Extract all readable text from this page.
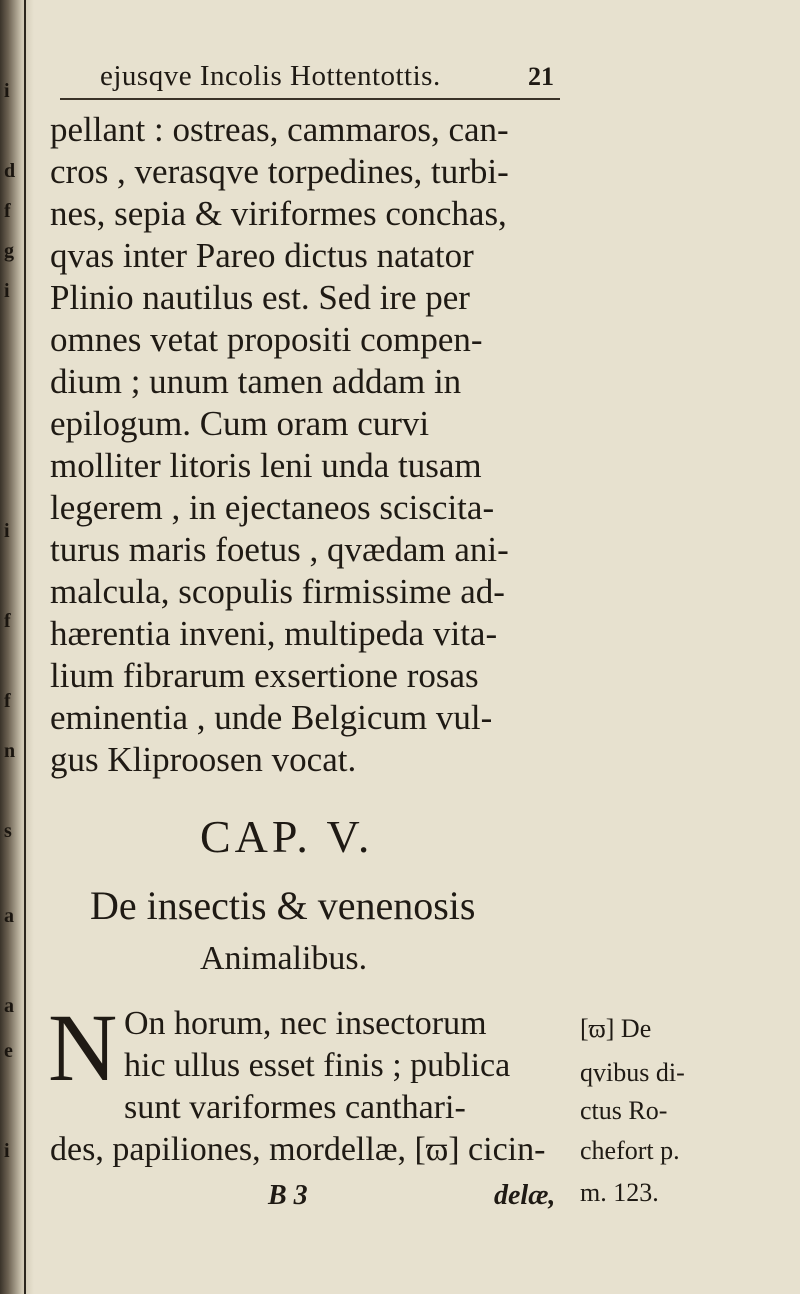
i
d
f
g
i
i
f
f
n
s
a
a
e
i
ejusqve Incolis Hottentottis.	21
pellant : ostreas, cammaros, can-
cros , verasqve torpedines, turbi-
nes, sepia & viriformes conchas,
qvas inter Pareo dictus natator
Plinio nautilus est. Sed ire per
omnes vetat propositi compen-
dium ; unum tamen addam in
epilogum. Cum oram curvi
molliter litoris leni unda tusam
legerem , in ejectaneos sciscita-
turus maris foetus , qvædam ani-
malcula, scopulis firmissime ad-
hærentia inveni, multipeda vita-
lium fibrarum exsertione rosas
eminentia , unde Belgicum vul-
gus Kliproosen vocat.
CAP. V.
De insectis & venenosis
Animalibus.
N On horum, nec insectorum
hic ullus esset finis ; publica
sunt variformes canthari-
des, papiliones, mordellæ, [ϖ] cicin-
[ϖ] De
qvibus di-
ctus Ro-
chefort p.
m. 123.
B 3	delæ,
